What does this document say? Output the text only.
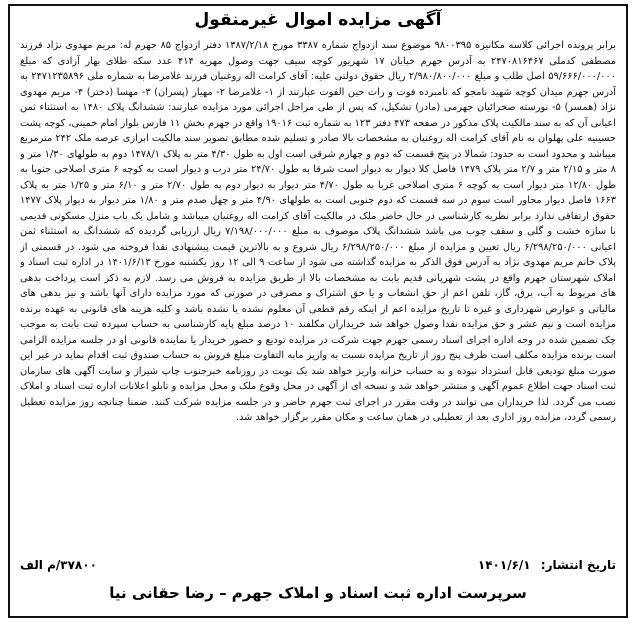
آگهی مزایده اموال غیرمنقول
برابر پرونده اجرائی کلاسه مکانیزه ۹۸۰۰۳۹۵ موضوع سند ازدواج شماره ۳۳۸۷ مورخ ۱۳۸۷/۲/۱۸ دفتر ازدواج ۸۵ جهرم له: مریم مهدوی نژاد فرزند مصطفی کدملی ۲۴۷۰۸۱۶۴۶۷ به آدرس جهرم خیابان ۱۷ شهریور کوچه سیف جهت وصول مهریه ۴۱۴ عدد سکه طلای بهار آزادی که مبلغ ۵۹/۶۶۶/۰۰۰/۰۰۰ اصل طلب و مبلغ ۲/۹۸۰/۸۰۰/۰۰۰ ریال حقوق دولتی علیه: آقای کرامت اله روغنیان فرزند غلامرضا به شماره ملی ۲۴۷۱۲۳۵۸۹۶ به آدرس جهرم میدان کوچه شهید نامجو که نامبرده فوت و رات حین الفوت عبارتند از ۱- غلامرضا ۲- مهیار (پسران) ۳- مهسا (دختر) ۴- مریم مهدوی نژاد (همسر) ۵- نورسته صحرائیان جهرمی (مادر) تشکیل، که پس از طی مراحل اجرائی مورد مزایده عبارتند: ششدانگ پلاک ۱۴۸۰ به استثناء ثمن اعیانی آن که به سند مالکیت پلاک مذکور در صفحه ۴۷۳ دفتر ۱۲۳ به شماره ثبت ۱۹۰۱۶ واقع در جهرم بخش ۱۱ فارس بلوار امام خمینی، کوچه پشت حسینیه علی پهلوان به نام آقای کرامت اله روغنیان به مشخصات بالا صادر و تسلیم شده مطابق تصویر سند مالکیت ابرازی عرصه ملک ۲۴۲ مترمربع میباشد و محدود است به حدود: شمالا در پنج قسمت که دوم و چهارم شرقی است اول به طول ۴/۳۰ متر به پلاک ۱۴۷۸/۱ دوم به طولهای ۱/۳۰ متر و ۸ متر و ۲/۱۵ متر و ۲/۷ متر پلاک ۱۴۷۹ فاصل کلا دیوار به دیوار است شرقا به طول ۲۴/۷۰ متر درب و دیوار است به کوچه ۶ متری اصلاحی جنوبا به طول ۱۲/۸۰ متر دیوار است به کوچه ۶ متری اصلاحی غربا به طول ۴/۷۰ متر دیوار به دیوار دوم به طول ۲/۷۰ متر و ۶/۱۰ متر و ۱/۲۵ متر به پلاک ۱۶۶۳ فاصل دیوار مجاور است سوم در سه قسمت که دوم جنوبی است به طولهای ۴/۹۰ متر و چهل صدم متر و ۱/۸۰ متر دیوار به دیوار پلاک ۱۴۷۷ حقوق ارتفاقی ندارد برابر نظریه کارشناسی در حال حاضر ملک در مالکیت آقای کرامت اله روغنیان میباشد و شامل یک باب منزل مسکونی قدیمی با سازه خشت و گلی و سقف چوب می باشد ششدانگ پلاک موصوف به مبلغ ۷/۱۹۸/۰۰۰/۰۰۰ ریال ارزیابی گردیده که ششدانگ به استثناء ثمن اعیانی ۶/۲۹۸/۲۵۰/۰۰۰ ریال تعیین و مزایده از مبلغ ۶/۲۹۸/۲۵۰/۰۰۰ ریال شروع و به بالاترین قیمت پیشنهادی نقدا فروخته می شود. در قسمتی از پلاک خانم مریم مهدوی نژاد به آدرس فوق الذکر به مزایده گذاشته می شود از ساعت ۹ الی ۱۲ روز یکشنبه مورخ ۱۴۰۱/۶/۱۳ در اداره ثبت اسناد و املاک شهرستان جهرم واقع در پشت شهرپانی قدیم بابت به مشخصات بالا از طریق مزایده به فروش می رسد. لازم به ذکر است پرداخت بدهی های مربوط به آب، برق، گاز، تلفن اعم از حق انشعاب و یا حق اشتراک و مصرفی در صورتی که مورد مزایده دارای آنها باشد و نیز بدهی های مالیاتی و عوارض شهرداری و غیره تا تاریخ مزایده اعم از اینکه رقم قطعی آن معلوم نشده یا نشده باشد و کلیه هزینه های قانونی به عهده برنده مزایده است و نیم عشر و حق مزایده نقدا وصول خواهد شد خریداران مکلفند ۱۰ درصد مبلغ پایه کارشناسی به حساب سپرده ثبت بابت به موجب چک تضمین شده در وجه اداره اجرای اسناد رسمی جهرم جهت شرکت در مزایده تودیع و حضور خریدار یا نماینده قانونی او در جلسه مزایده الزامی است برنده مزایده مکلف است ظرف پنج روز از تاریخ مزایده نسبت به واریز مابه التفاوت مبلغ فروش به حساب صندوق ثبت اقدام نماید در غیر این صورت مبلغ تودیعی قابل استرداد نبوده و به حساب خزانه واریز خواهد شد یک نوبت در روزنامه خبرجنوب چاپ شیراز و سایت آگهی های سازمان ثبت اسناد جهت اطلاع عموم آگهی و منتشر خواهد شد و نسخه ای از آگهی در محل وقوع ملک و محل مزایده و تابلو اعلانات اداره ثبت اسناد و املاک نصب می گردد. لذا خریداران می توانند در وقت مقرر در اجرای ثبت جهرم حاضر و در جلسه مزایده شرکت کنند. ضمنا چنانچه روز مزایده تعطیل رسمی گردد، مزایده روز اداری بعد از تعطیلی در همان ساعت و مکان مقرر برگزار خواهد شد.
تاریخ انتشار: ۱۴۰۱/۶/۱
۳۷۸۰۰/م الف
سرپرست اداره ثبت اسناد و املاک جهرم – رضا حقانی نیا
